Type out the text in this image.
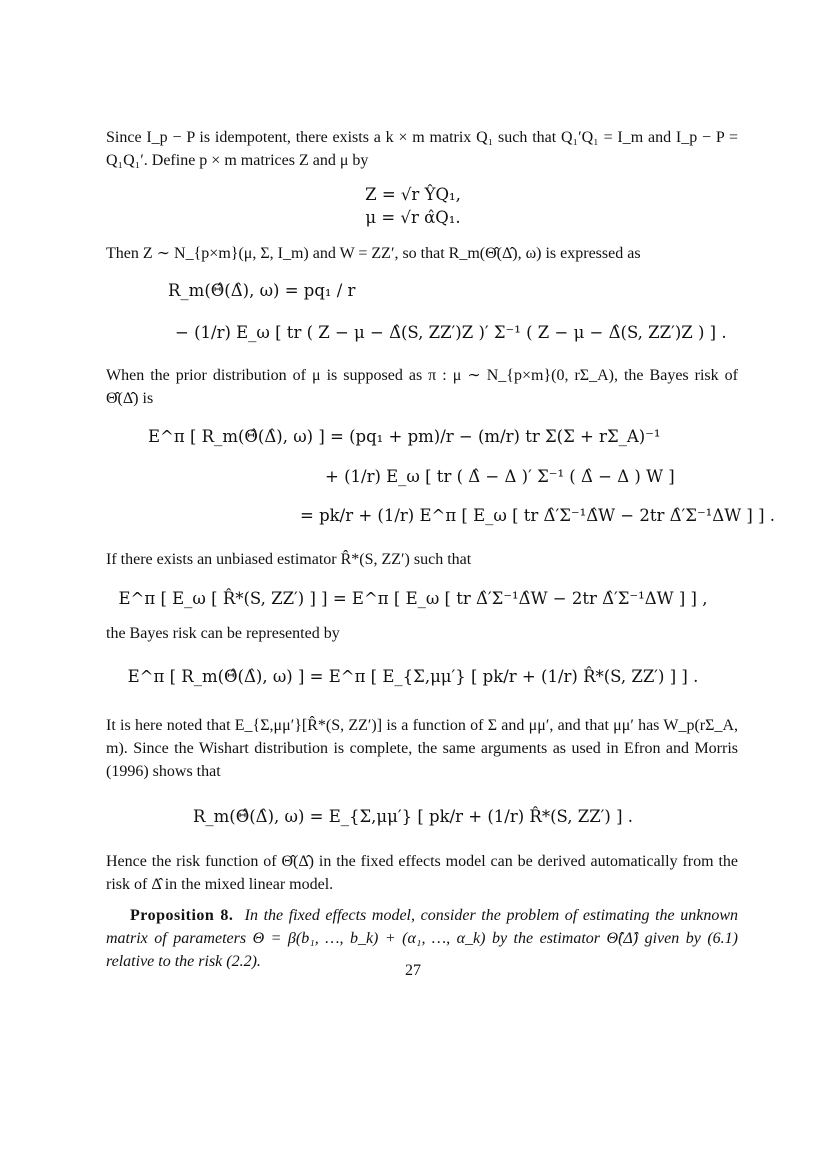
Since I_p − P is idempotent, there exists a k × m matrix Q₁ such that Q₁′Q₁ = I_m and I_p − P = Q₁Q₁′. Define p × m matrices Z and μ by
Z = √r ŶQ₁,
μ = √r α̂Q₁.
Then Z ∼ N_{p×m}(μ, Σ, I_m) and W = ZZ′, so that R_m(Θ̂(Δ̂), ω) is expressed as
R_m(Θ̂(Δ̂), ω) = pq₁ / r
− (1/r) E_ω [ tr ( Z − μ − Δ̂(S, ZZ′)Z )′ Σ⁻¹ ( Z − μ − Δ̂(S, ZZ′)Z ) ] .
When the prior distribution of μ is supposed as π : μ ∼ N_{p×m}(0, rΣ_A), the Bayes risk of Θ̂(Δ̂) is
E^π [ R_m(Θ̂(Δ̂), ω) ] = (pq₁ + pm)/r − (m/r) tr Σ(Σ + rΣ_A)⁻¹
+ (1/r) E_ω [ tr ( Δ̂ − Δ )′ Σ⁻¹ ( Δ̂ − Δ ) W ]
= pk/r + (1/r) E^π [ E_ω [ tr Δ̂′Σ⁻¹Δ̂W − 2tr Δ̂′Σ⁻¹ΔW ] ] .
If there exists an unbiased estimator R̂*(S, ZZ′) such that
E^π [ E_ω [ R̂*(S, ZZ′) ] ] = E^π [ E_ω [ tr Δ̂′Σ⁻¹Δ̂W − 2tr Δ̂′Σ⁻¹ΔW ] ] ,
the Bayes risk can be represented by
E^π [ R_m(Θ̂(Δ̂), ω) ] = E^π [ E_{Σ,μμ′} [ pk/r + (1/r) R̂*(S, ZZ′) ] ] .
It is here noted that E_{Σ,μμ′}[R̂*(S, ZZ′)] is a function of Σ and μμ′, and that μμ′ has W_p(rΣ_A, m). Since the Wishart distribution is complete, the same arguments as used in Efron and Morris (1996) shows that
R_m(Θ̂(Δ̂), ω) = E_{Σ,μμ′} [ pk/r + (1/r) R̂*(S, ZZ′) ] .
Hence the risk function of Θ̂(Δ̂) in the fixed effects model can be derived automatically from the risk of Δ̂ in the mixed linear model.
Proposition 8. In the fixed effects model, consider the problem of estimating the unknown matrix of parameters Θ = β(b₁, …, b_k) + (α₁, …, α_k) by the estimator Θ̂(Δ̂) given by (6.1) relative to the risk (2.2).
27
